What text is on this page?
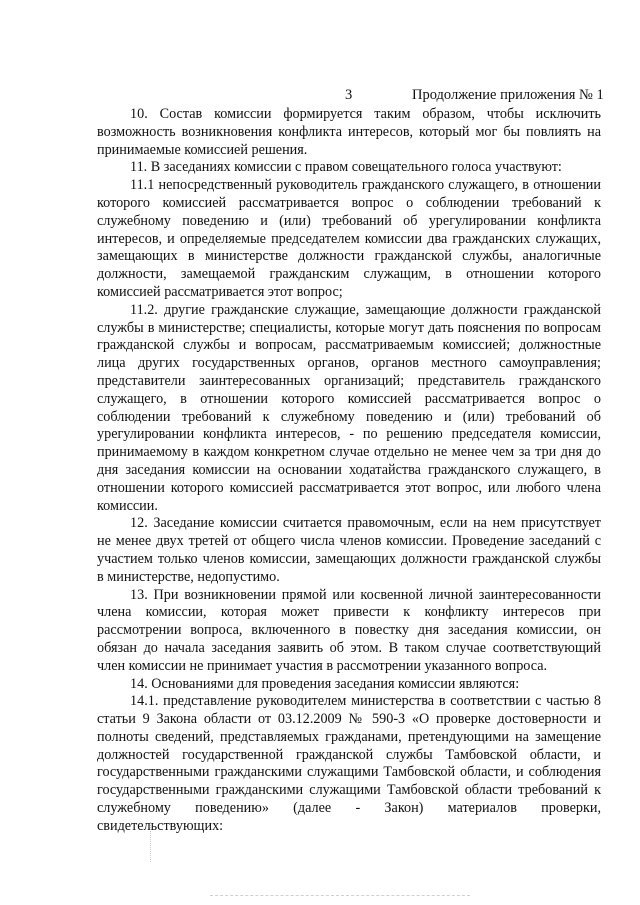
3	Продолжение приложения № 1

10. Состав комиссии формируется таким образом, чтобы исключить возможность возникновения конфликта интересов, который мог бы повлиять на принимаемые комиссией решения.

11. В заседаниях комиссии с правом совещательного голоса участвуют:

11.1 непосредственный руководитель гражданского служащего, в отношении которого комиссией рассматривается вопрос о соблюдении требований к служебному поведению и (или) требований об урегулировании конфликта интересов, и определяемые председателем комиссии два гражданских служащих, замещающих в министерстве должности гражданской службы, аналогичные должности, замещаемой гражданским служащим, в отношении которого комиссией рассматривается этот вопрос;

11.2. другие гражданские служащие, замещающие должности гражданской службы в министерстве; специалисты, которые могут дать пояснения по вопросам гражданской службы и вопросам, рассматриваемым комиссией; должностные лица других государственных органов, органов местного самоуправления; представители заинтересованных организаций; представитель гражданского служащего, в отношении которого комиссией рассматривается вопрос о соблюдении требований к служебному поведению и (или) требований об урегулировании конфликта интересов, - по решению председателя комиссии, принимаемому в каждом конкретном случае отдельно не менее чем за три дня до дня заседания комиссии на основании ходатайства гражданского служащего, в отношении которого комиссией рассматривается этот вопрос, или любого члена комиссии.

12. Заседание комиссии считается правомочным, если на нем присутствует не менее двух третей от общего числа членов комиссии. Проведение заседаний с участием только членов комиссии, замещающих должности гражданской службы в министерстве, недопустимо.

13. При возникновении прямой или косвенной личной заинтересованности члена комиссии, которая может привести к конфликту интересов при рассмотрении вопроса, включенного в повестку дня заседания комиссии, он обязан до начала заседания заявить об этом. В таком случае соответствующий член комиссии не принимает участия в рассмотрении указанного вопроса.

14. Основаниями для проведения заседания комиссии являются:

14.1. представление руководителем министерства в соответствии с частью 8 статьи 9 Закона области от 03.12.2009 № 590-З «О проверке достоверности и полноты сведений, представляемых гражданами, претендующими на замещение должностей государственной гражданской службы Тамбовской области, и государственными гражданскими служащими Тамбовской области, и соблюдения государственными гражданскими служащими Тамбовской области требований к служебному поведению» (далее - Закон) материалов проверки, свидетельствующих:
